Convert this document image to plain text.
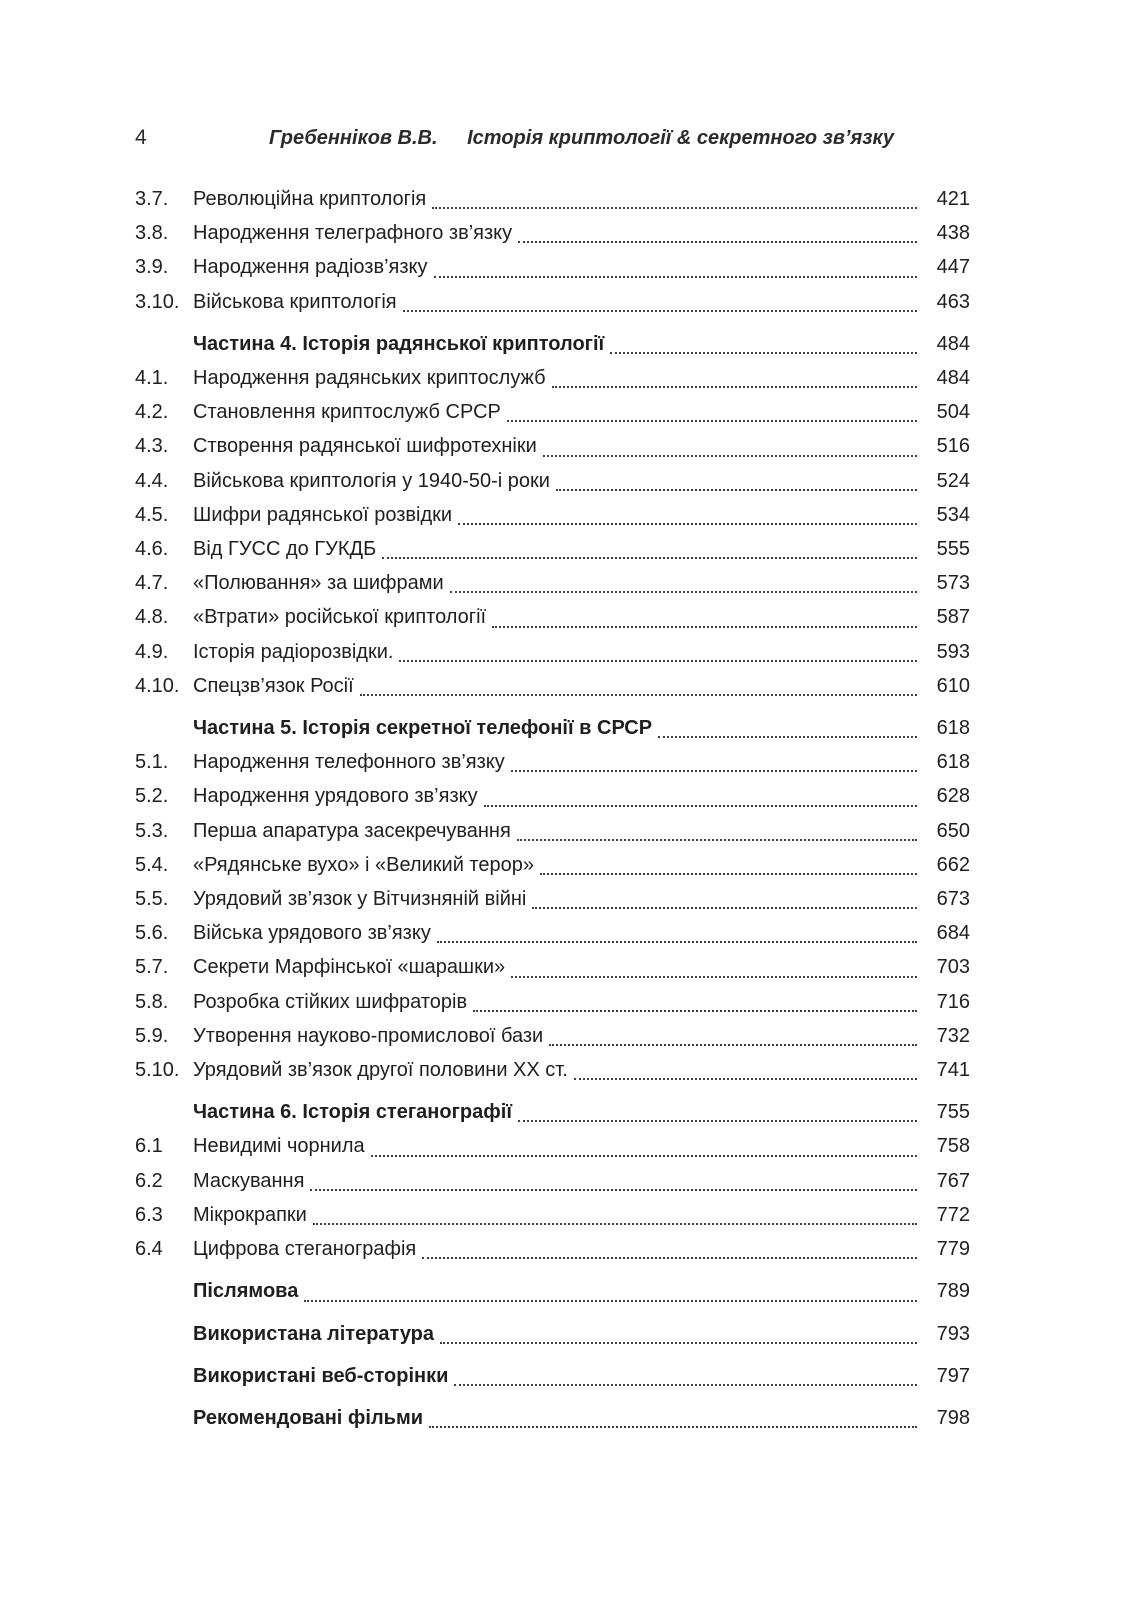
4	Гребенніков В.В. Історія криптології & секретного зв’язку
3.7.	Революційна криптологія	421
3.8.	Народження телеграфного зв’язку	438
3.9.	Народження радіозв’язку	447
3.10. Військова криптологія	463
Частина 4. Історія радянської криптології	484
4.1.	Народження радянських криптослужб	484
4.2.	Становлення криптослужб СРСР	504
4.3.	Створення радянської шифротехніки	516
4.4.	Військова криптологія у 1940-50-і роки	524
4.5.	Шифри радянської розвідки	534
4.6.	Від ГУСС до ГУКДБ	555
4.7.	«Полювання» за шифрами	573
4.8.	«Втрати» російської криптології	587
4.9.	Історія радіорозвідки.	593
4.10. Спецзв’язок Росії	610
Частина 5. Історія секретної телефонії в СРСР	618
5.1.	Народження телефонного зв’язку	618
5.2.	Народження урядового зв’язку	628
5.3.	Перша апаратура засекречування	650
5.4.	«Рядянське вухо» і «Великий терор»	662
5.5.	Урядовий зв’язок у Вітчизняній війні	673
5.6.	Війська урядового зв’язку	684
5.7.	Секрети Марфінської «шарашки»	703
5.8.	Розробка стійких шифраторів	716
5.9.	Утворення науково-промислової бази	732
5.10. Урядовий зв’язок другої половини ХХ ст.	741
Частина 6. Історія стеганографії	755
6.1	Невидимі чорнила	758
6.2	Маскування	767
6.3	Мікрокрапки	772
6.4	Цифрова стеганографія	779
Післямова	789
Використана література	793
Використані веб-сторінки	797
Рекомендовані фільми	798
